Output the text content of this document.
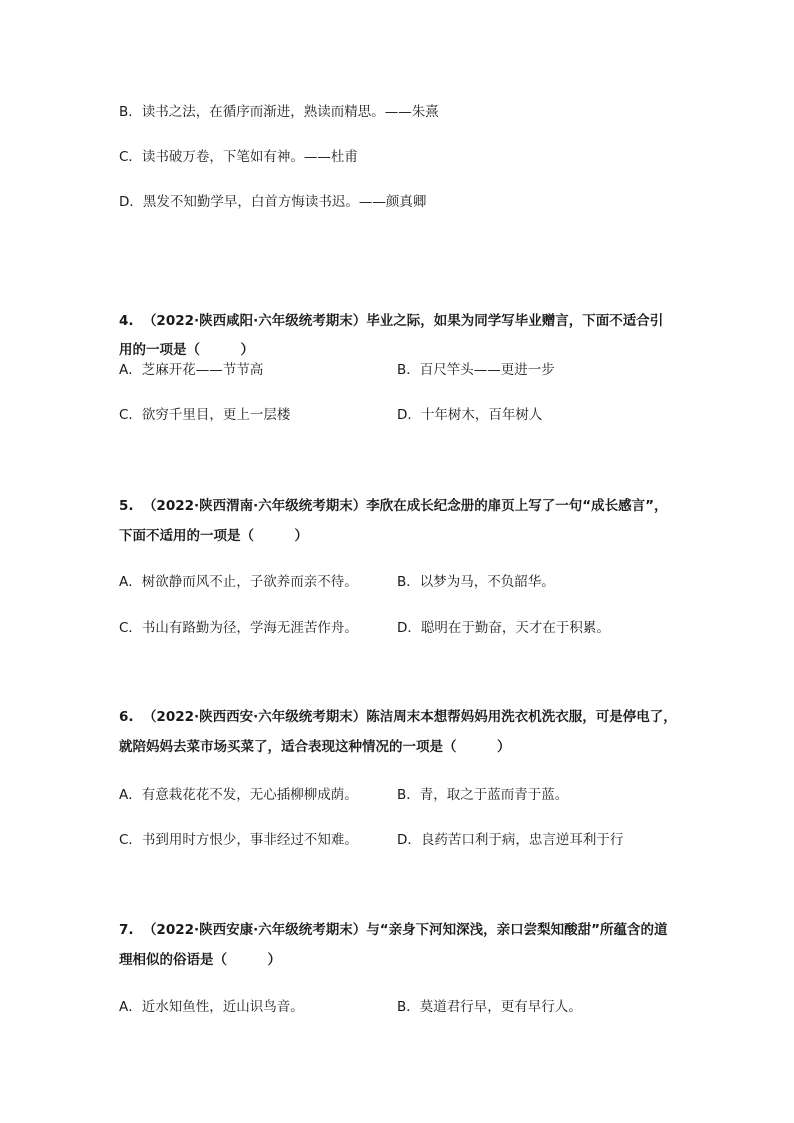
B．读书之法，在循序而渐进，熟读而精思。——朱熹
C．读书破万卷，下笔如有神。——杜甫
D．黑发不知勤学早，白首方悔读书迟。——颜真卿
4. （2022·陕西咸阳·六年级统考期末）毕业之际，如果为同学写毕业赠言，下面不适合引
用的一项是（　　　）
A．芝麻开花——节节高	B．百尺竿头——更进一步
C．欲穷千里目，更上一层楼	D．十年树木，百年树人
5. （2022·陕西渭南·六年级统考期末）李欣在成长纪念册的扉页上写了一句“成长感言”，
下面不适用的一项是（　　　）
A．树欲静而风不止，子欲养而亲不待。	B．以梦为马，不负韶华。
C．书山有路勤为径，学海无涯苦作舟。	D．聪明在于勤奋，天才在于积累。
6. （2022·陕西西安·六年级统考期末）陈洁周末本想帮妈妈用洗衣机洗衣服，可是停电了，
就陪妈妈去菜市场买菜了，适合表现这种情况的一项是（　　　）
A．有意栽花花不发，无心插柳柳成荫。	B．青，取之于蓝而青于蓝。
C．书到用时方恨少，事非经过不知难。	D．良药苦口利于病，忠言逆耳利于行
7. （2022·陕西安康·六年级统考期末）与“亲身下河知深浅，亲口尝梨知酸甜”所蕴含的道
理相似的俗语是（　　　）
A．近水知鱼性，近山识鸟音。	B．莫道君行早，更有早行人。
